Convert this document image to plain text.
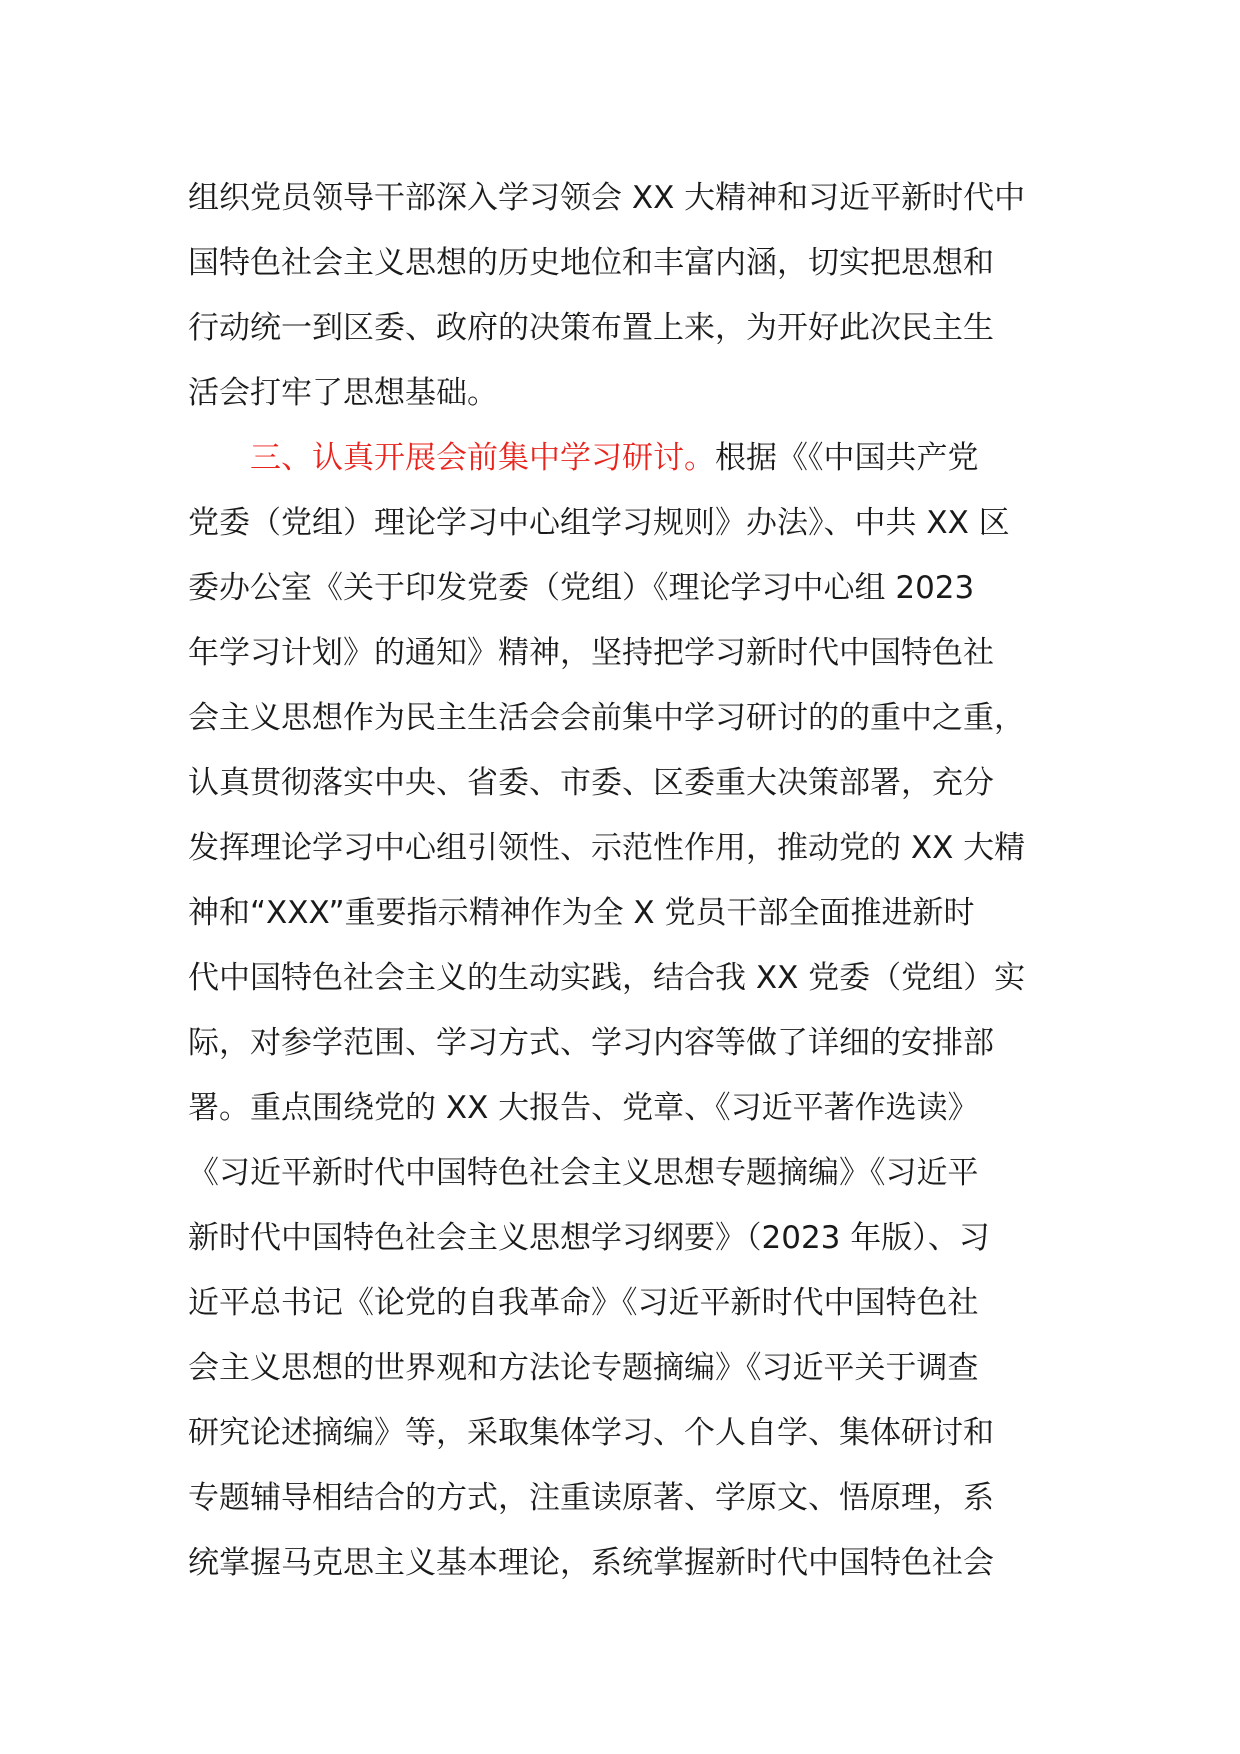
组织党员领导干部深入学习领会 XX 大精神和习近平新时代中

国特色社会主义思想的历史地位和丰富内涵，切实把思想和

行动统一到区委、政府的决策布置上来，为开好此次民主生

活会打牢了思想基础。

三、认真开展会前集中学习研讨。根据《《中国共产党

党委（党组）理论学习中心组学习规则》办法》、中共 XX 区

委办公室《关于印发党委（党组）《理论学习中心组 2023

年学习计划》的通知》精神，坚持把学习新时代中国特色社

会主义思想作为民主生活会会前集中学习研讨的的重中之重，

认真贯彻落实中央、省委、市委、区委重大决策部署，充分

发挥理论学习中心组引领性、示范性作用，推动党的 XX 大精

神和“XXX”重要指示精神作为全 X 党员干部全面推进新时

代中国特色社会主义的生动实践，结合我 XX 党委（党组）实

际，对参学范围、学习方式、学习内容等做了详细的安排部

署。重点围绕党的 XX 大报告、党章、《习近平著作选读》

《习近平新时代中国特色社会主义思想专题摘编》《习近平

新时代中国特色社会主义思想学习纲要》（2023 年版）、习

近平总书记《论党的自我革命》《习近平新时代中国特色社

会主义思想的世界观和方法论专题摘编》《习近平关于调查

研究论述摘编》等，采取集体学习、个人自学、集体研讨和

专题辅导相结合的方式，注重读原著、学原文、悟原理，系

统掌握马克思主义基本理论，系统掌握新时代中国特色社会
